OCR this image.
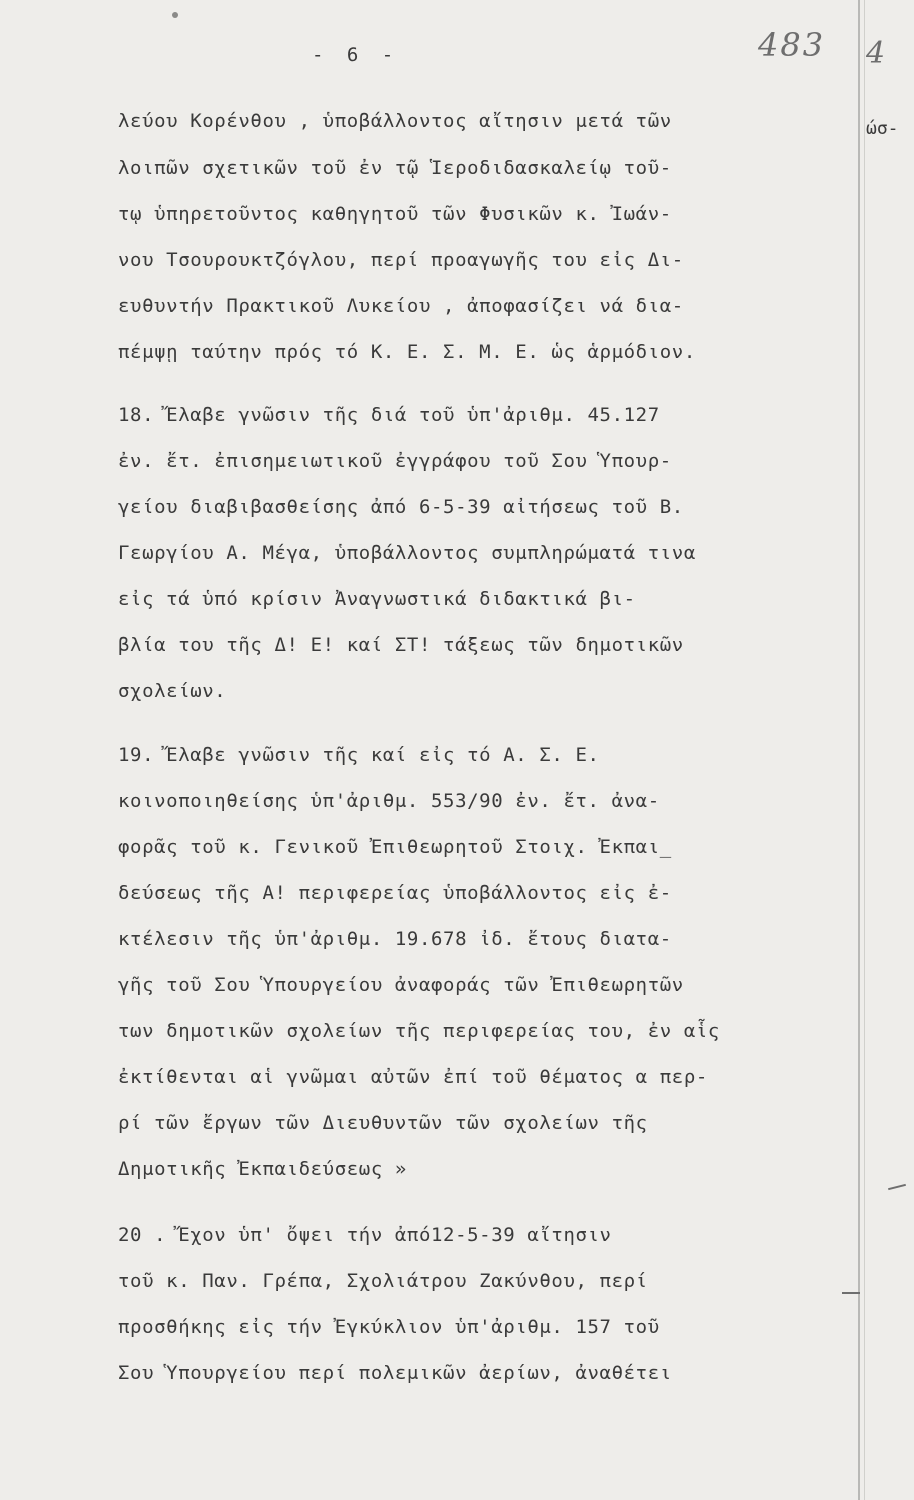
- 6 -	483 4
ώσ-
λεύου Κορένθου , ὑποβάλλοντος αἴτησιν μετά τῶν
λοιπῶν σχετικῶν τοῦ ἐν τῷ Ἱεροδιδασκαλείῳ τοῦ-
τῳ ὑπηρετοῦντος καθηγητοῦ τῶν Φυσικῶν κ. Ἰωάν-
νου Τσουρουκτζόγλου, περί προαγωγῆς του εἰς Δι-
ευθυντήν Πρακτικοῦ Λυκείου , ἀποφασίζει νά δια-
πέμψῃ ταύτην πρός τό Κ. Ε. Σ. Μ. Ε. ὡς ἁρμόδιον.
18. Ἔλαβε γνῶσιν τῆς διά τοῦ ὑπ'ἀριθμ. 45.127
ἐν. ἔτ. ἐπισημειωτικοῦ ἐγγράφου τοῦ Σου Ὑπουρ-
γείου διαβιβασθείσης ἀπό 6-5-39 αἰτήσεως τοῦ Β.
Γεωργίου Α. Μέγα, ὑποβάλλοντος συμπληρώματά τινα
εἰς τά ὑπό κρίσιν Ἀναγνωστικά διδακτικά βι-
βλία του τῆς Δ! Ε! καί ΣΤ! τάξεως τῶν δημοτικῶν
σχολείων.
19. Ἔλαβε γνῶσιν τῆς καί εἰς τό Α. Σ. Ε.
κοινοποιηθείσης ὑπ'ἀριθμ. 553/90 ἐν. ἔτ. ἀνα-
φορᾶς τοῦ κ. Γενικοῦ Ἐπιθεωρητοῦ Στοιχ. Ἐκπαι_
δεύσεως τῆς Α! περιφερείας ὑποβάλλοντος εἰς ἐ-
κτέλεσιν τῆς ὑπ'ἀριθμ. 19.678 ἰδ. ἔτους διατα-
γῆς τοῦ Σου Ὑπουργείου ἀναφοράς τῶν Ἐπιθεωρητῶν
των δημοτικῶν σχολείων τῆς περιφερείας του, ἐν αἷς
ἐκτίθενται αἱ γνῶμαι αὐτῶν ἐπί τοῦ θέματος α περ-
ρί τῶν ἔργων τῶν Διευθυντῶν τῶν σχολείων τῆς
Δημοτικῆς Ἐκπαιδεύσεως »
20 . Ἔχον ὑπ' ὄψει τήν ἀπό12-5-39 αἴτησιν
τοῦ κ. Παν. Γρέπα, Σχολιάτρου Ζακύνθου, περί
προσθήκης εἰς τήν Ἐγκύκλιον ὑπ'ἀριθμ. 157 τοῦ
Σου Ὑπουργείου περί πολεμικῶν ἀερίων, ἀναθέτει
